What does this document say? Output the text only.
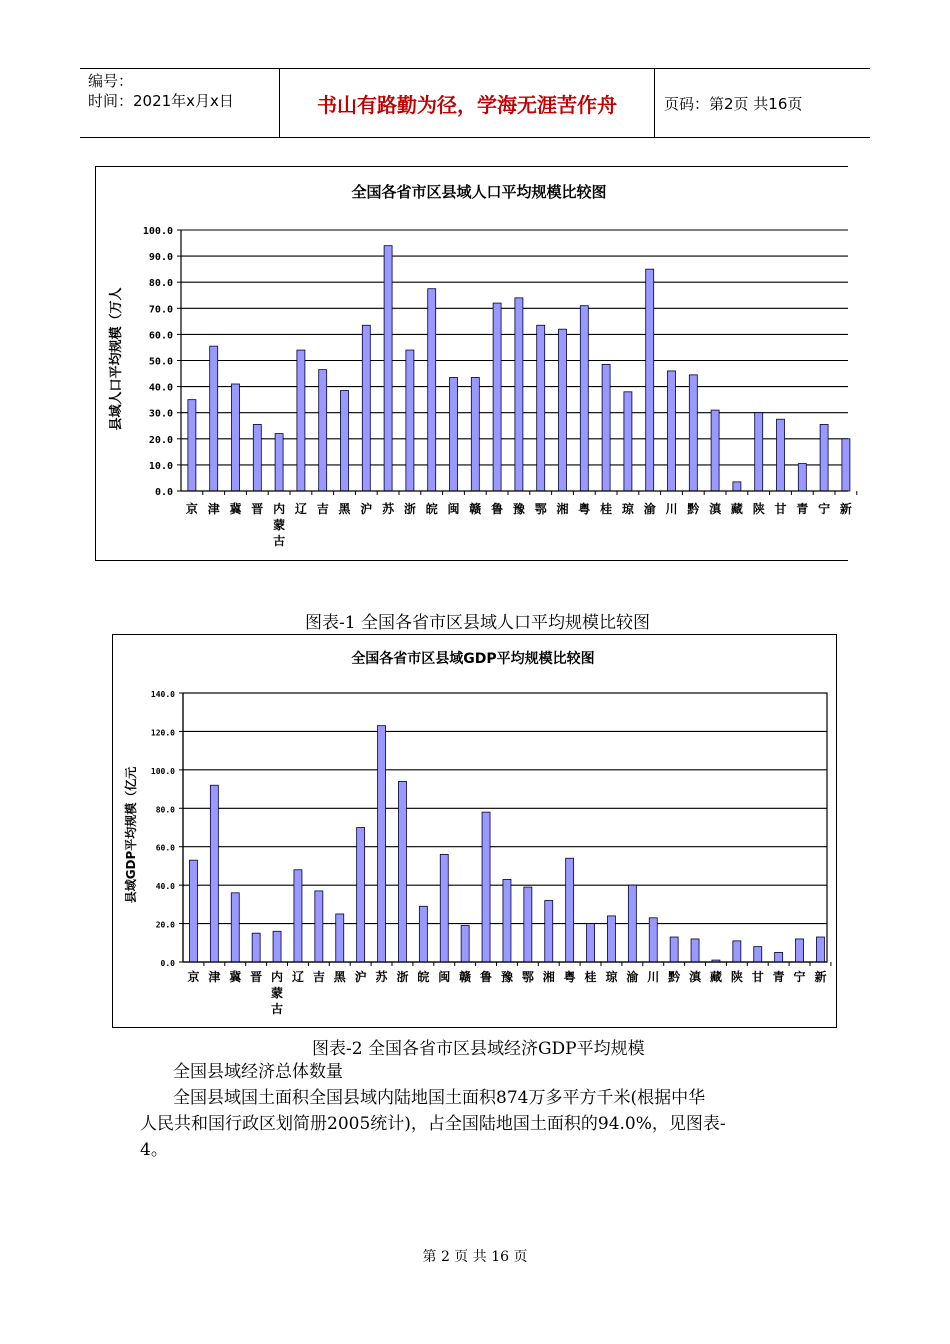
编号：
时间：2021年x月x日	书山有路勤为径，学海无涯苦作舟	页码：第2页 共16页
全国各省市区县域人口平均规模比较图
0.0
10.0
20.0
30.0
40.0
50.0
60.0
70.0
80.0
90.0
100.0
京 津 冀 晋 内
蒙
古
辽 吉 黑 沪 苏 浙 皖 闽 赣 鲁 豫 鄂 湘 粤 桂 琼 渝 川 黔 滇 藏 陕 甘 青 宁 新
县域人口平均规模（万人
图表-1 全国各省市区县域人口平均规模比较图
全国各省市区县域GDP平均规模比较图
0.0
20.0
40.0
60.0
80.0
100.0
120.0
140.0
京 津 冀 晋 内
蒙
古
辽 吉 黑 沪 苏 浙 皖 闽 赣 鲁 豫 鄂 湘 粤 桂 琼 渝 川 黔 滇 藏 陕 甘 青 宁 新
县域GDP平均规模（亿元
图表-2 全国各省市区县域经济GDP平均规模
全国县域经济总体数量
全国县域国土面积全国县域内陆地国土面积874万多平方千米(根据中华
人民共和国行政区划简册2005统计)，占全国陆地国土面积的94.0%，见图表-
4。
第 2 页 共 16 页
